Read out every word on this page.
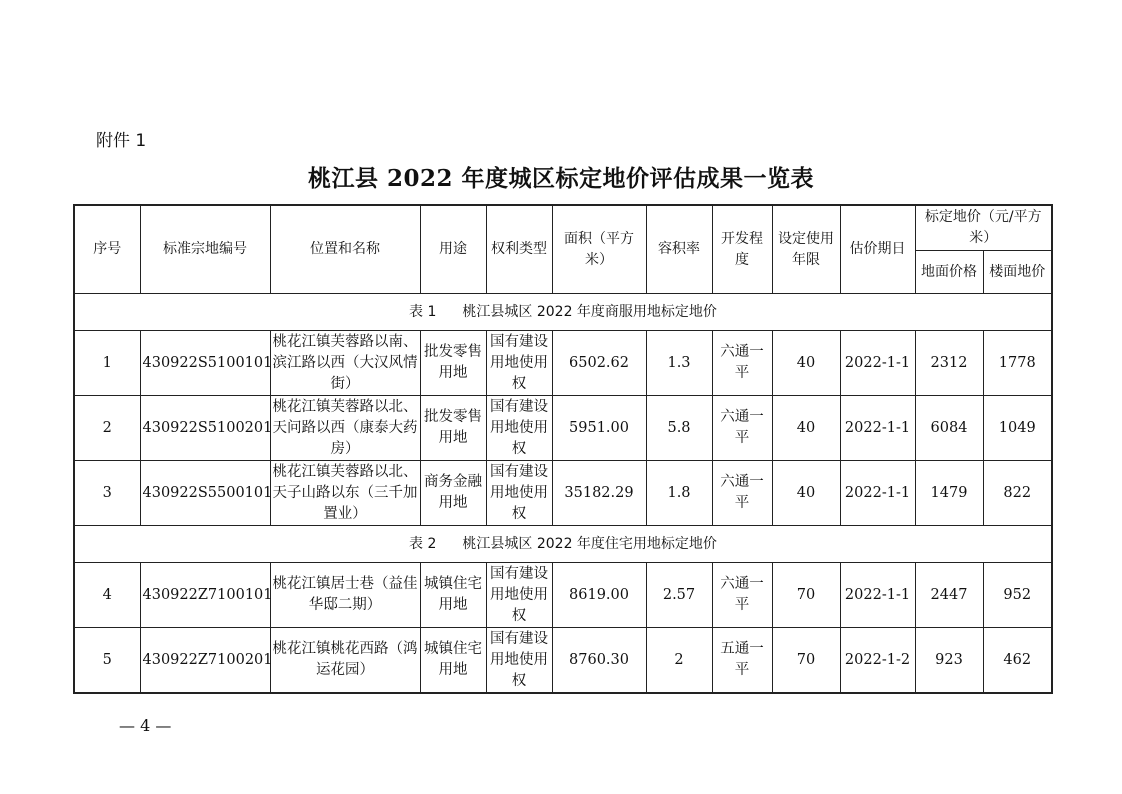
附件 1
桃江县 2022 年度城区标定地价评估成果一览表
序号	标准宗地编号	位置和名称	用途	权利类型	面积（平方米）	容积率	开发程度	设定使用年限	估价期日	标定地价（元/平方米）	
										地面价格	楼面地价
表 1 桃江县城区 2022 年度商服用地标定地价											
1	430922S5100101	桃花江镇芙蓉路以南、滨江路以西（大汉风情街）	批发零售用地	国有建设用地使用权	6502.62	1.3	六通一平	40	2022-1-1	2312	1778
2	430922S5100201	桃花江镇芙蓉路以北、天问路以西（康泰大药房）	批发零售用地	国有建设用地使用权	5951.00	5.8	六通一平	40	2022-1-1	6084	1049
3	430922S5500101	桃花江镇芙蓉路以北、天子山路以东（三千加置业）	商务金融用地	国有建设用地使用权	35182.29	1.8	六通一平	40	2022-1-1	1479	822
表 2 桃江县城区 2022 年度住宅用地标定地价											
4	430922Z7100101	桃花江镇居士巷（益佳华邸二期）	城镇住宅用地	国有建设用地使用权	8619.00	2.57	六通一平	70	2022-1-1	2447	952
5	430922Z7100201	桃花江镇桃花西路（鸿运花园）	城镇住宅用地	国有建设用地使用权	8760.30	2	五通一平	70	2022-1-2	923	462
— 4 —
